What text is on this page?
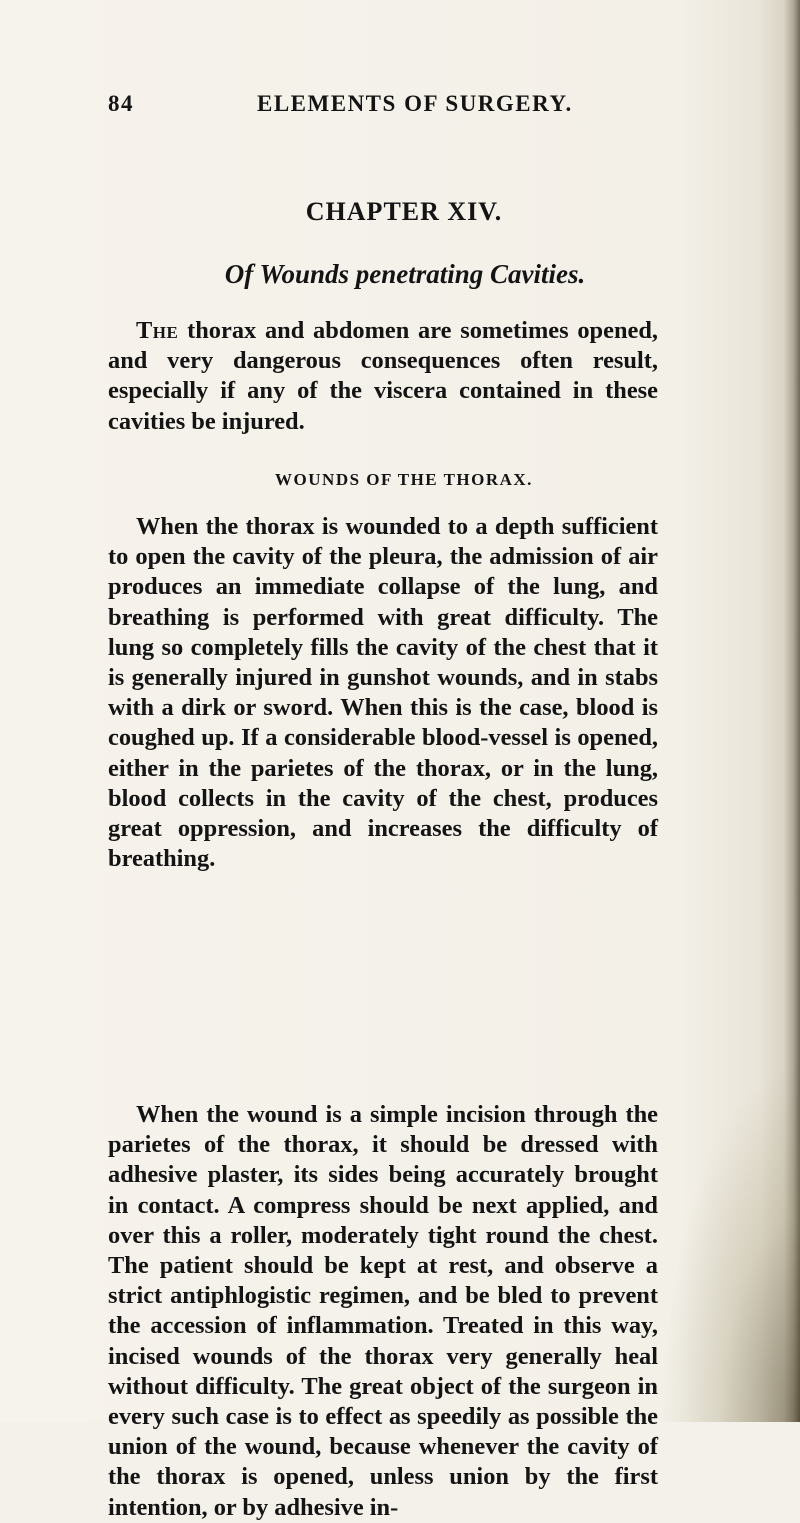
84	ELEMENTS OF SURGERY.
CHAPTER XIV.
Of Wounds penetrating Cavities.

The thorax and abdomen are sometimes opened, and very dangerous consequences often result, especially if any of the viscera contained in these cavities be injured.

WOUNDS OF THE THORAX.

When the thorax is wounded to a depth sufficient to open the cavity of the pleura, the admission of air produces an immediate collapse of the lung, and breathing is performed with great difficulty. The lung so completely fills the cavity of the chest that it is generally injured in gunshot wounds, and in stabs with a dirk or sword. When this is the case, blood is coughed up. If a considerable blood-vessel is opened, either in the parietes of the thorax, or in the lung, blood collects in the cavity of the chest, produces great oppression, and increases the difficulty of breathing.

When the wound is a simple incision through the parietes of the thorax, it should be dressed with adhesive plaster, its sides being accurately brought in contact. A compress should be next applied, and over this a roller, moderately tight round the chest. The patient should be kept at rest, and observe a strict antiphlogistic regimen, and be bled to prevent the accession of inflammation. Treated in this way, incised wounds of the thorax very generally heal without difficulty. The great object of the surgeon in every such case is to effect as speedily as possible the union of the wound, because whenever the cavity of the thorax is opened, unless union by the first intention, or by adhesive in-
